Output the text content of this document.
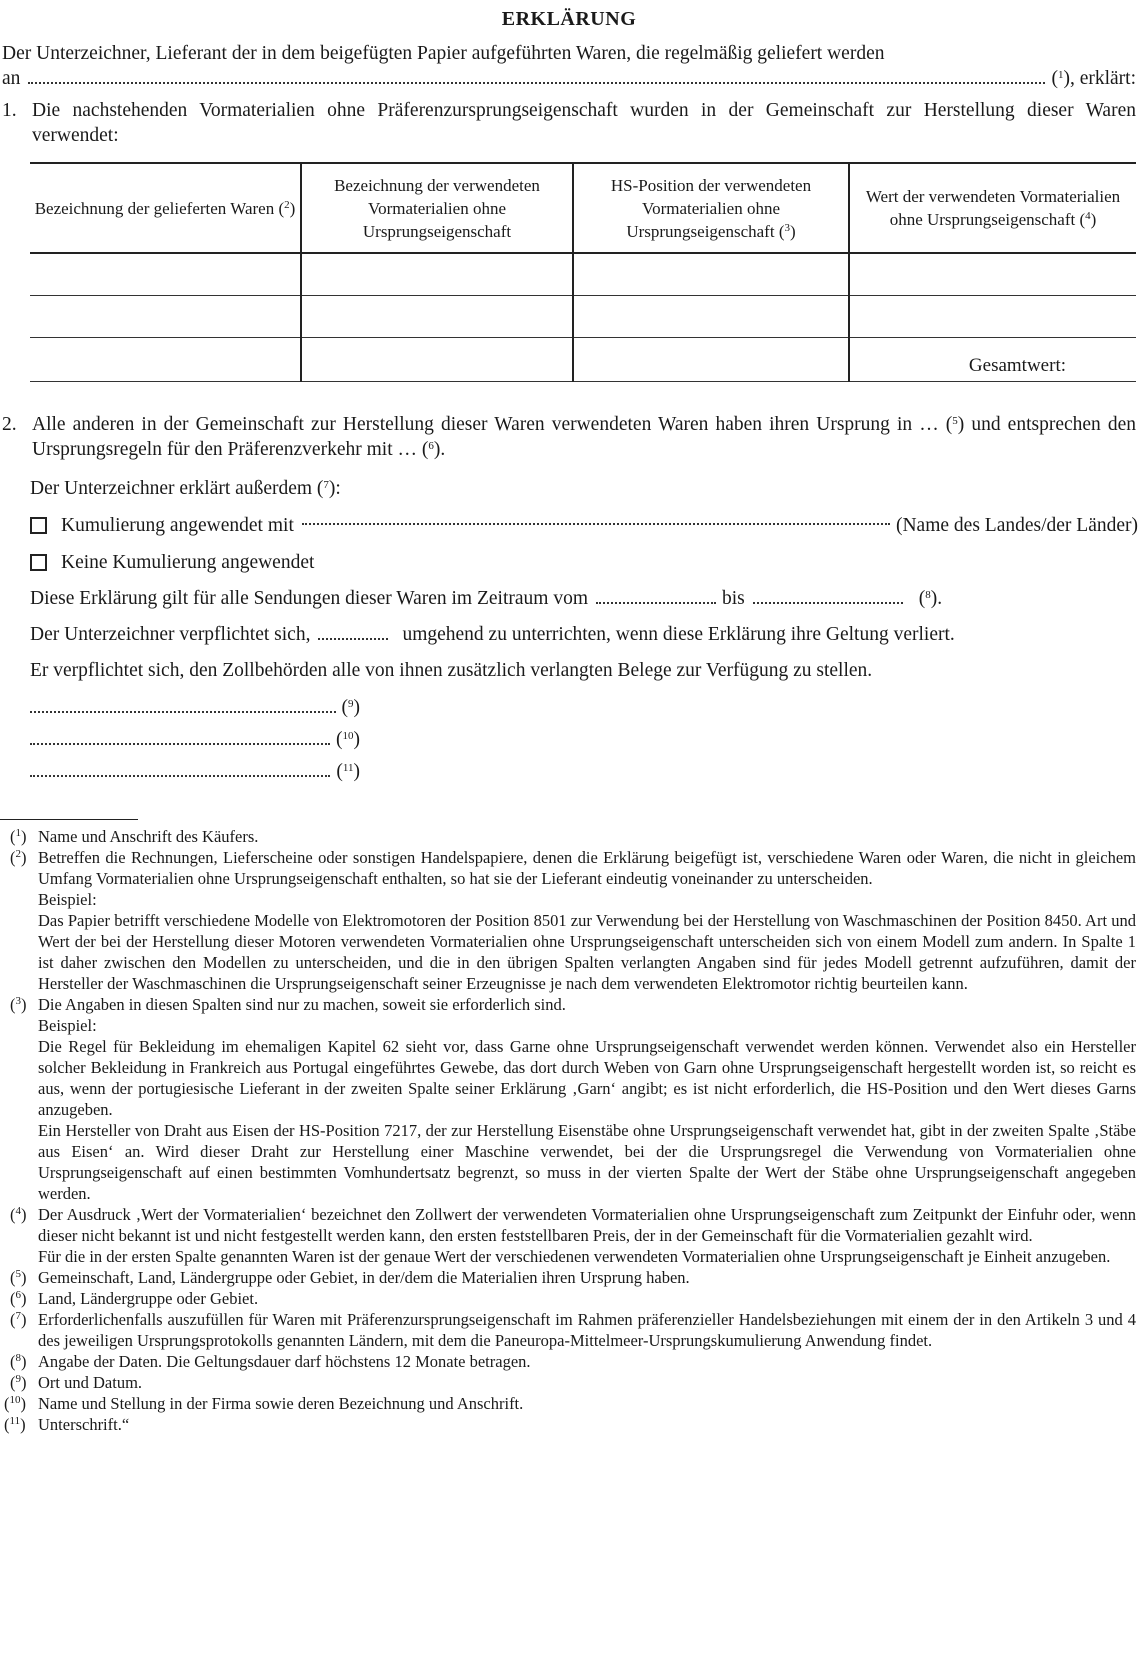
ERKLÄRUNG

Der Unterzeichner, Lieferant der in dem beigefügten Papier aufgeführten Waren, die regelmäßig geliefert werden

an	($^1$) , erklärt:
1. Die nachstehenden Vormaterialien ohne Präferenzursprungseigenschaft wurden in der Gemeinschaft zur Herstellung dieser Waren verwendet:
Bezeichnung der gelieferten Waren ($^2$)	Bezeichnung der verwendeten Vormaterialien ohne Ursprungseigenschaft	HS-Position der verwendeten Vormaterialien ohne Ursprungseigenschaft ($^3$)	Wert der verwendeten Vormaterialien ohne Ursprungseigenschaft ($^4$)

			Gesamtwert:
2. Alle anderen in der Gemeinschaft zur Herstellung dieser Waren verwendeten Waren haben ihren Ursprung in … ($^5$) und entsprechen den Ursprungsregeln für den Präferenzverkehr mit … ($^6$).

Der Unterzeichner erklärt außerdem ($^7$):

Kumulierung angewendet mit	(Name des Landes/der Länder)
Keine Kumulierung angewendet
Diese Erklärung gilt für alle Sendungen dieser Waren im Zeitraum vom	bis	($^8$).
Der Unterzeichner verpflichtet sich,	umgehend zu unterrichten, wenn diese Erklärung ihre Geltung verliert.

Er verpflichtet sich, den Zollbehörden alle von ihnen zusätzlich verlangten Belege zur Verfügung zu stellen.

($^9$)
($^{10}$)
($^{11}$)
($^1$) Name und Anschrift des Käufers.

($^2$) Betreffen die Rechnungen, Lieferscheine oder sonstigen Handelspapiere, denen die Erklärung beigefügt ist, verschiedene Waren oder Waren, die nicht in gleichem Umfang Vormaterialien ohne Ursprungseigenschaft enthalten, so hat sie der Lieferant eindeutig voneinander zu unterscheiden.

Beispiel:

Das Papier betrifft verschiedene Modelle von Elektromotoren der Position 8501 zur Verwendung bei der Herstellung von Waschmaschinen der Position 8450. Art und Wert der bei der Herstellung dieser Motoren verwendeten Vormaterialien ohne Ursprungseigenschaft unterscheiden sich von einem Modell zum andern. In Spalte 1 ist daher zwischen den Modellen zu unterscheiden, und die in den übrigen Spalten verlangten Angaben sind für jedes Modell getrennt aufzuführen, damit der Hersteller der Waschmaschinen die Ursprungseigenschaft seiner Erzeugnisse je nach dem verwendeten Elektromotor richtig beurteilen kann.

($^3$) Die Angaben in diesen Spalten sind nur zu machen, soweit sie erforderlich sind.

Beispiel:

Die Regel für Bekleidung im ehemaligen Kapitel 62 sieht vor, dass Garne ohne Ursprungseigenschaft verwendet werden können. Verwendet also ein Hersteller solcher Bekleidung in Frankreich aus Portugal eingeführtes Gewebe, das dort durch Weben von Garn ohne Ursprungseigenschaft hergestellt worden ist, so reicht es aus, wenn der portugiesische Lieferant in der zweiten Spalte seiner Erklärung ‚Garn‘ angibt; es ist nicht erforderlich, die HS-Position und den Wert dieses Garns anzugeben.

Ein Hersteller von Draht aus Eisen der HS-Position 7217, der zur Herstellung Eisenstäbe ohne Ursprungseigenschaft verwendet hat, gibt in der zweiten Spalte ‚Stäbe aus Eisen‘ an. Wird dieser Draht zur Herstellung einer Maschine verwendet, bei der die Ursprungsregel die Verwendung von Vormaterialien ohne Ursprungseigenschaft auf einen bestimmten Vomhundertsatz begrenzt, so muss in der vierten Spalte der Wert der Stäbe ohne Ursprungseigenschaft angegeben werden.

($^4$) Der Ausdruck ‚Wert der Vormaterialien‘ bezeichnet den Zollwert der verwendeten Vormaterialien ohne Ursprungseigenschaft zum Zeitpunkt der Einfuhr oder, wenn dieser nicht bekannt ist und nicht festgestellt werden kann, den ersten feststellbaren Preis, der in der Gemeinschaft für die Vormaterialien gezahlt wird.

Für die in der ersten Spalte genannten Waren ist der genaue Wert der verschiedenen verwendeten Vormaterialien ohne Ursprungseigenschaft je Einheit anzugeben.

($^5$) Gemeinschaft, Land, Ländergruppe oder Gebiet, in der/dem die Materialien ihren Ursprung haben.

($^6$) Land, Ländergruppe oder Gebiet.

($^7$) Erforderlichenfalls auszufüllen für Waren mit Präferenzursprungseigenschaft im Rahmen präferenzieller Handelsbeziehungen mit einem der in den Artikeln 3 und 4 des jeweiligen Ursprungsprotokolls genannten Ländern, mit dem die Paneuropa-Mittelmeer-Ursprungskumulierung Anwendung findet.

($^8$) Angabe der Daten. Die Geltungsdauer darf höchstens 12 Monate betragen.

($^9$) Ort und Datum.

($^{10}$) Name und Stellung in der Firma sowie deren Bezeichnung und Anschrift.

($^{11}$) Unterschrift.“
